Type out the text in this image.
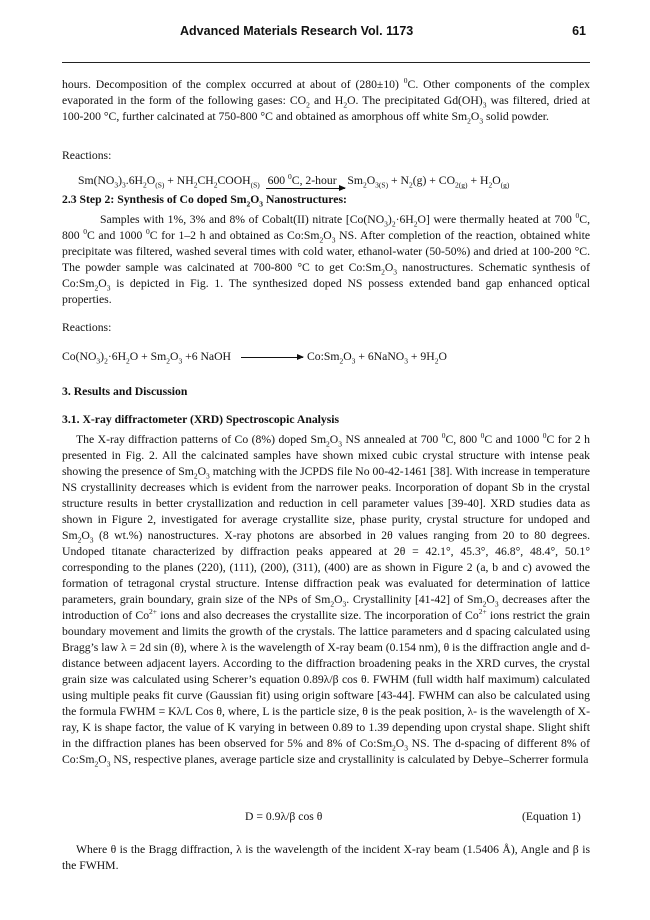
Advanced Materials Research Vol. 1173	61
hours. Decomposition of the complex occurred at about of (280±10) $^0$C. Other components of the complex evaporated in the form of the following gases: $CO_2$ and $H_2O$. The precipitated $Gd(OH)_3$ was filtered, dried at 100-200 °C, further calcinated at 750-800 °C and obtained as amorphous off white $Sm_2O_3$ solid powder.
Reactions:
$Sm(NO_3)_3.6H_2O_{(S)}$ + $NH_2CH_2COOH_{(S)}$ 600 $^0$C, 2-hour $Sm_2O_{3(S)} + N_2(g) + CO_{2(g)} + H_2O_{(g)}$
2.3 Step 2: Synthesis of Co doped $Sm_2O_3$ Nanostructures:
Samples with 1%, 3% and 8% of Cobalt(II) nitrate $[Co(NO_3)_2\cdot 6H_2O]$ were thermally heated at 700 $^0$C, 800 $^0$C and 1000 $^0$C for 1–2 h and obtained as $Co:Sm_2O_3$ NS. After completion of the reaction, obtained white precipitate was filtered, washed several times with cold water, ethanol-water (50-50%) and dried at 100-200 °C. The powder sample was calcinated at 700-800 °C to get $Co:Sm_2O_3$ nanostructures. Schematic synthesis of $Co:Sm_2O_3$ is depicted in Fig. 1. The synthesized doped NS possess extended band gap enhanced optical properties.
Reactions:
$Co(NO_3)_2\cdot 6H_2O + Sm_2O_3 +6$ NaOH	$Co:Sm_2O_3$ + 6NaNO$_3$ + $9H_2O$
3. Results and Discussion
3.1. X-ray diffractometer (XRD) Spectroscopic Analysis
The X-ray diffraction patterns of Co (8%) doped $Sm_2O_3$ NS annealed at 700 $^0$C, 800 $^0$C and 1000 $^0$C for 2 h presented in Fig. 2. All the calcinated samples have shown mixed cubic crystal structure with intense peak showing the presence of $Sm_2O_3$ matching with the JCPDS file No 00-42-1461 [38]. With increase in temperature NS crystallinity decreases which is evident from the narrower peaks. Incorporation of dopant Sb in the crystal structure results in better crystallization and reduction in cell parameter values [39-40]. XRD studies data as shown in Figure 2, investigated for average crystallite size, phase purity, crystal structure for undoped and $Sm_2O_3$ (8 wt.%) nanostructures. X-ray photons are absorbed in 2θ values ranging from 20 to 80 degrees. Undoped titanate characterized by diffraction peaks appeared at 2θ = 42.1°, 45.3°, 46.8°, 48.4°, 50.1° corresponding to the planes (220), (111), (200), (311), (400) are as shown in Figure 2 (a, b and c) avowed the formation of tetragonal crystal structure. Intense diffraction peak was evaluated for determination of lattice parameters, grain boundary, grain size of the NPs of $Sm_2O_3$. Crystallinity [41-42] of $Sm_2O_3$ decreases after the introduction of $Co^{2+}$ ions and also decreases the crystallite size. The incorporation of $Co^{2+}$ ions restrict the grain boundary movement and limits the growth of the crystals. The lattice parameters and d spacing calculated using Bragg’s law λ = 2d sin (θ), where λ is the wavelength of X-ray beam (0.154 nm), θ is the diffraction angle and d-distance between adjacent layers. According to the diffraction broadening peaks in the XRD curves, the crystal grain size was calculated using Scherer’s equation 0.89λ/β cos θ. FWHM (full width half maximum) calculated using multiple peaks fit curve (Gaussian fit) using origin software [43-44]. FWHM can also be calculated using the formula FWHM = Kλ/L Cos θ, where, L is the particle size, θ is the peak position, λ- is the wavelength of X-ray, K is shape factor, the value of K varying in between 0.89 to 1.39 depending upon crystal shape. Slight shift in the diffraction planes has been observed for 5% and 8% of $Co:Sm_2O_3$ NS. The d-spacing of different 8% of $Co:Sm_2O_3$ NS, respective planes, average particle size and crystallinity is calculated by Debye–Scherrer formula
D = 0.9λ/β cos θ	(Equation 1)
Where θ is the Bragg diffraction, λ is the wavelength of the incident X-ray beam (1.5406 Å), Angle and β is the FWHM.
